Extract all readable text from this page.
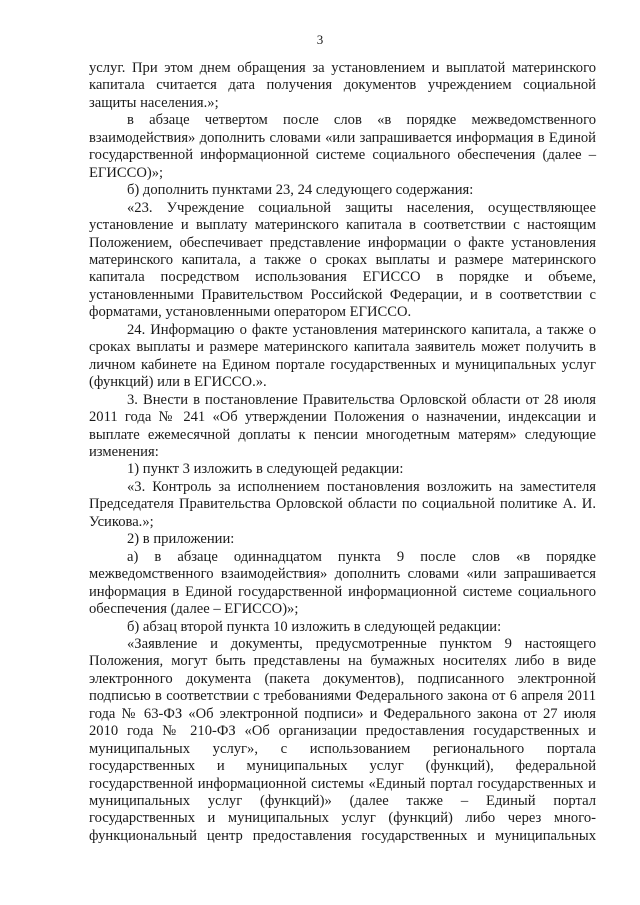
3

услуг. При этом днем обращения за установлением и выплатой материнского капитала считается дата получения документов учреждением социальной защиты населения.»;

в абзаце четвертом после слов «в порядке межведомственного взаимодействия» дополнить словами «или запрашивается информация в Единой государственной информационной системе социального обеспечения (далее – ЕГИССО)»;

б) дополнить пунктами 23, 24 следующего содержания:

«23. Учреждение социальной защиты населения, осуществляющее установление и выплату материнского капитала в соответствии с настоящим Положением, обеспечивает представление информации о факте установления материнского капитала, а также о сроках выплаты и размере материнского капитала посредством использования ЕГИССО в порядке и объеме, установленными Правительством Российской Федерации, и в соответствии с форматами, установленными оператором ЕГИССО.

24. Информацию о факте установления материнского капитала, а также о сроках выплаты и размере материнского капитала заявитель может получить в личном кабинете на Едином портале государственных и муниципальных услуг (функций) или в ЕГИССО.».

3. Внести в постановление Правительства Орловской области от 28 июля 2011 года № 241 «Об утверждении Положения о назначении, индексации и выплате ежемесячной доплаты к пенсии многодетным матерям» следующие изменения:

1) пункт 3 изложить в следующей редакции:

«3. Контроль за исполнением постановления возложить на заместителя Председателя Правительства Орловской области по социальной политике А. И. Усикова.»;

2) в приложении:

а) в абзаце одиннадцатом пункта 9 после слов «в порядке межведомственного взаимодействия» дополнить словами «или запрашивается информация в Единой государственной информационной системе социального обеспечения (далее – ЕГИССО)»;

б) абзац второй пункта 10 изложить в следующей редакции:

«Заявление и документы, предусмотренные пунктом 9 настоящего Положения, могут быть представлены на бумажных носителях либо в виде электронного документа (пакета документов), подписанного электронной подписью в соответствии с требованиями Федерального закона от 6 апреля 2011 года № 63-ФЗ «Об электронной подписи» и Федерального закона от 27 июля 2010 года № 210-ФЗ «Об организации предоставления государственных и муниципальных услуг», с использованием регионального портала государственных и муниципальных услуг (функций), федеральной государственной информационной системы «Единый портал государственных и муниципальных услуг (функций)» (далее также – Единый портал государственных и муниципальных услуг (функций) либо через много-функциональный центр предоставления государственных и муниципальных
